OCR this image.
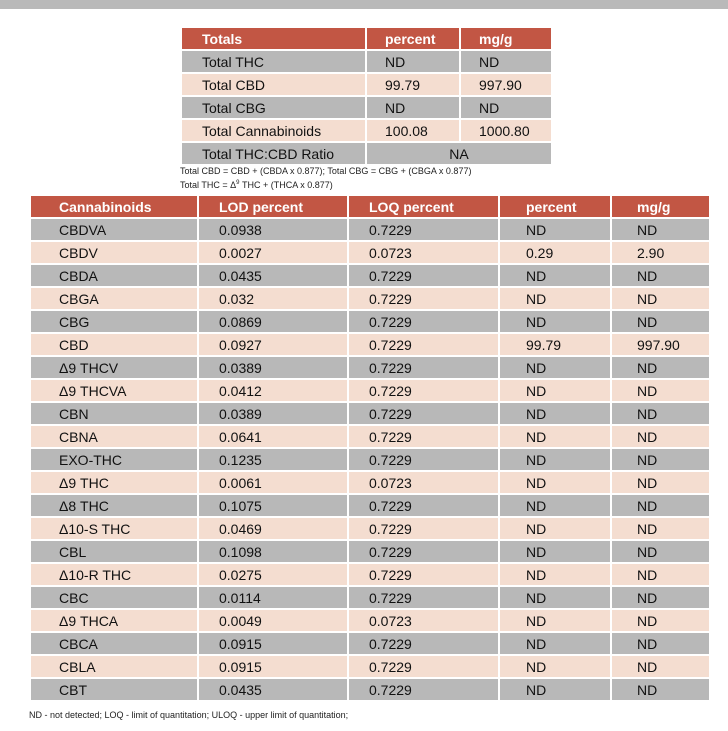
Totals	percent	mg/g
Total THC	ND	ND
Total CBD	99.79	997.90
Total CBG	ND	ND
Total Cannabinoids	100.08	1000.80
Total THC:CBD Ratio	NA	
Total CBD = CBD + (CBDA x 0.877); Total CBG = CBG + (CBGA x 0.877)
Total THC = $\Delta^9$ THC + (THCA x 0.877)
Cannabinoids	LOD percent	LOQ percent	percent	mg/g
CBDVA	0.0938	0.7229	ND	ND
CBDV	0.0027	0.0723	0.29	2.90
CBDA	0.0435	0.7229	ND	ND
CBGA	0.032	0.7229	ND	ND
CBG	0.0869	0.7229	ND	ND
CBD	0.0927	0.7229	99.79	997.90
Δ9 THCV	0.0389	0.7229	ND	ND
Δ9 THCVA	0.0412	0.7229	ND	ND
CBN	0.0389	0.7229	ND	ND
CBNA	0.0641	0.7229	ND	ND
EXO-THC	0.1235	0.7229	ND	ND
Δ9 THC	0.0061	0.0723	ND	ND
Δ8 THC	0.1075	0.7229	ND	ND
Δ10-S THC	0.0469	0.7229	ND	ND
CBL	0.1098	0.7229	ND	ND
Δ10-R THC	0.0275	0.7229	ND	ND
CBC	0.0114	0.7229	ND	ND
Δ9 THCA	0.0049	0.0723	ND	ND
CBCA	0.0915	0.7229	ND	ND
CBLA	0.0915	0.7229	ND	ND
CBT	0.0435	0.7229	ND	ND
ND - not detected; LOQ - limit of quantitation; ULOQ - upper limit of quantitation;
